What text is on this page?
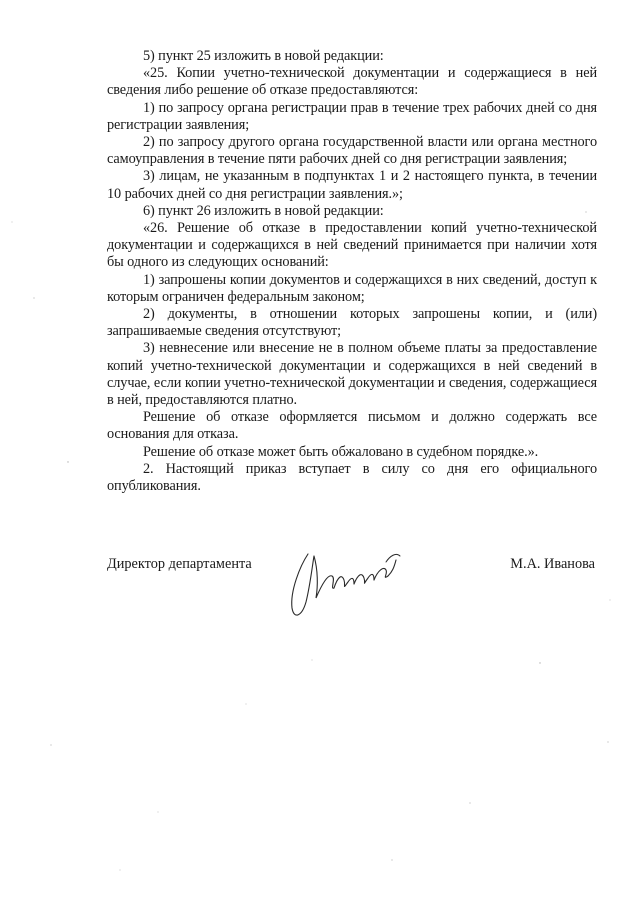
5) пункт 25 изложить в новой редакции:

«25. Копии учетно-технической документации и содержащиеся в ней сведения либо решение об отказе предоставляются:

1) по запросу органа регистрации прав в течение трех рабочих дней со дня регистрации заявления;

2) по запросу другого органа государственной власти или органа местного самоуправления в течение пяти рабочих дней со дня регистрации заявления;

3) лицам, не указанным в подпунктах 1 и 2 настоящего пункта, в течении 10 рабочих дней со дня регистрации заявления.»;

6) пункт 26 изложить в новой редакции:

«26. Решение об отказе в предоставлении копий учетно-технической документации и содержащихся в ней сведений принимается при наличии хотя бы одного из следующих оснований:

1) запрошены копии документов и содержащихся в них сведений, доступ к которым ограничен федеральным законом;

2) документы, в отношении которых запрошены копии, и (или) запрашиваемые сведения отсутствуют;

3) невнесение или внесение не в полном объеме платы за предоставление копий учетно-технической документации и содержащихся в ней сведений в случае, если копии учетно-технической документации и сведения, содержащиеся в ней, предоставляются платно.

Решение об отказе оформляется письмом и должно содержать все основания для отказа.

Решение об отказе может быть обжаловано в судебном порядке.».

2. Настоящий приказ вступает в силу со дня его официального опубликования.

Директор департамента	М.А. Иванова
